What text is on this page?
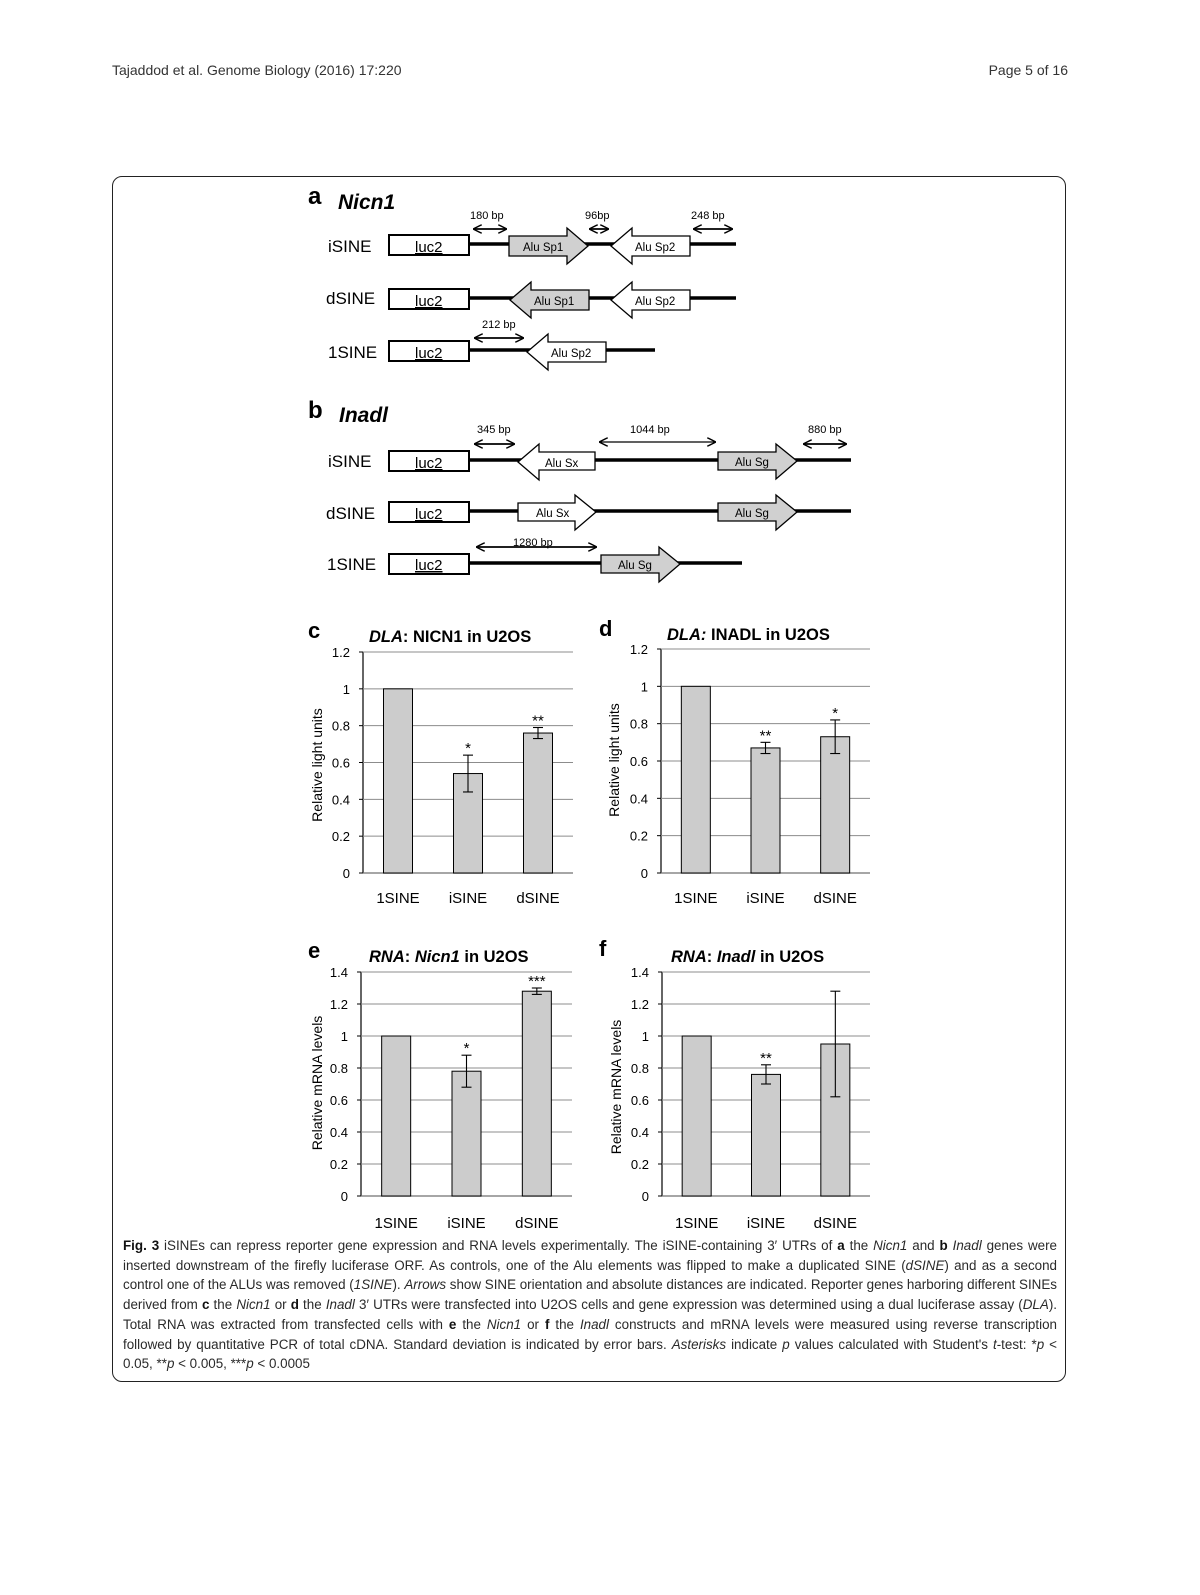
Tajaddod et al. Genome Biology (2016) 17:220	Page 5 of 16
a Nicn1
180 bp	96bp	248 bp
iSINE	luc2	Alu Sp1	Alu Sp2
dSINE	luc2	Alu Sp1	Alu Sp2
212 bp
1SINE	luc2	Alu Sp2
b Inadl
345 bp	1044 bp	880 bp
iSINE	luc2	Alu Sx	Alu Sg
dSINE	luc2	Alu Sx	Alu Sg
1280 bp
1SINE	luc2	Alu Sg
c	DLA: NICN1 in U2OS
Relative light units
0
0.2
0.4
0.6
0.8
1
1.2
*
**
1SINE iSINE dSINE
d	DLA: INADL in U2OS
Relative light units
0
0.2
0.4
0.6
0.8
1
1.2
**
*
1SINE iSINE dSINE
e	RNA: Nicn1 in U2OS
Relative mRNA levels
0
0.2
0.4
0.6
0.8
1
1.2
1.4
*
***
1SINE iSINE dSINE
f	RNA: Inadl in U2OS
Relative mRNA levels
0
0.2
0.4
0.6
0.8
1
1.2
1.4
**
1SINE iSINE dSINE
Fig. 3 iSINEs can repress reporter gene expression and RNA levels experimentally. The iSINE-containing 3′ UTRs of a the Nicn1 and b Inadl genes were inserted downstream of the firefly luciferase ORF. As controls, one of the Alu elements was flipped to make a duplicated SINE (dSINE) and as a second control one of the ALUs was removed (1SINE). Arrows show SINE orientation and absolute distances are indicated. Reporter genes harboring different SINEs derived from c the Nicn1 or d the Inadl 3′ UTRs were transfected into U2OS cells and gene expression was determined using a dual luciferase assay (DLA). Total RNA was extracted from transfected cells with e the Nicn1 or f the Inadl constructs and mRNA levels were measured using reverse transcription followed by quantitative PCR of total cDNA. Standard deviation is indicated by error bars. Asterisks indicate p values calculated with Student's t-test: *p < 0.05, **p < 0.005, ***p < 0.0005
